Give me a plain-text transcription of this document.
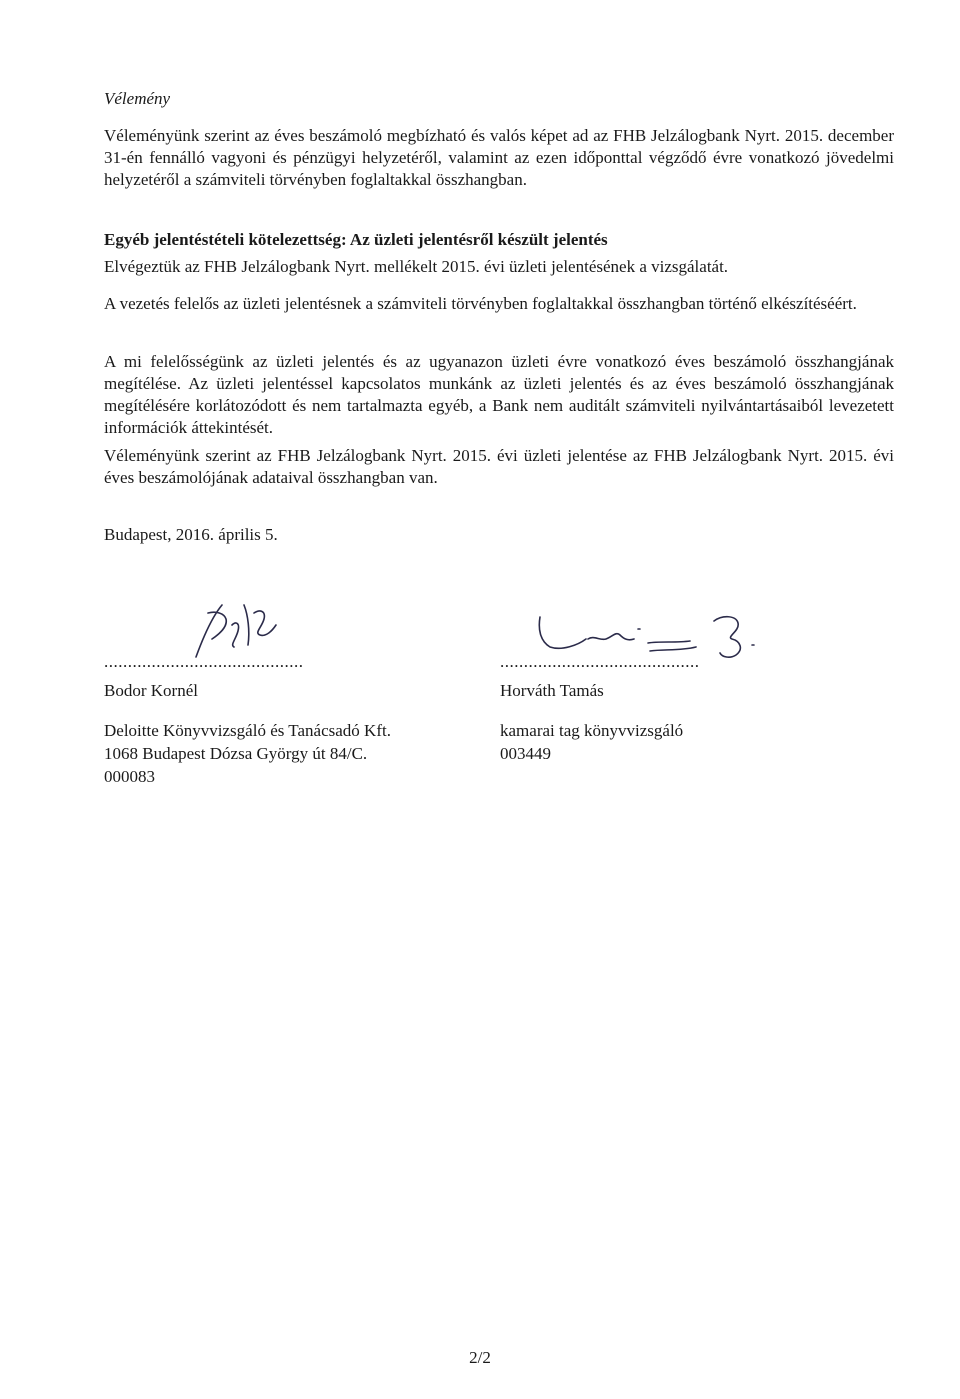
Vélemény

Véleményünk szerint az éves beszámoló megbízható és valós képet ad az FHB Jelzálogbank Nyrt. 2015. december 31-én fennálló vagyoni és pénzügyi helyzetéről, valamint az ezen időponttal végződő évre vonatkozó jövedelmi helyzetéről a számviteli törvényben foglaltakkal összhangban.

Egyéb jelentéstételi kötelezettség: Az üzleti jelentésről készült jelentés

Elvégeztük az FHB Jelzálogbank Nyrt. mellékelt 2015. évi üzleti jelentésének a vizsgálatát.

A vezetés felelős az üzleti jelentésnek a számviteli törvényben foglaltakkal összhangban történő elkészítéséért.

A mi felelősségünk az üzleti jelentés és az ugyanazon üzleti évre vonatkozó éves beszámoló összhangjának megítélése. Az üzleti jelentéssel kapcsolatos munkánk az üzleti jelentés és az éves beszámoló összhangjának megítélésére korlátozódott és nem tartalmazta egyéb, a Bank nem auditált számviteli nyilvántartásaiból levezetett információk áttekintését.

Véleményünk szerint az FHB Jelzálogbank Nyrt. 2015. évi üzleti jelentése az FHB Jelzálogbank Nyrt. 2015. évi éves beszámolójának adataival összhangban van.

Budapest, 2016. április 5.
..........................................
Bodor Kornél
Deloitte Könyvvizsgáló és Tanácsadó Kft.
1068 Budapest Dózsa György út 84/C.
000083
..........................................
Horváth Tamás
kamarai tag könyvvizsgáló
003449
2/2
